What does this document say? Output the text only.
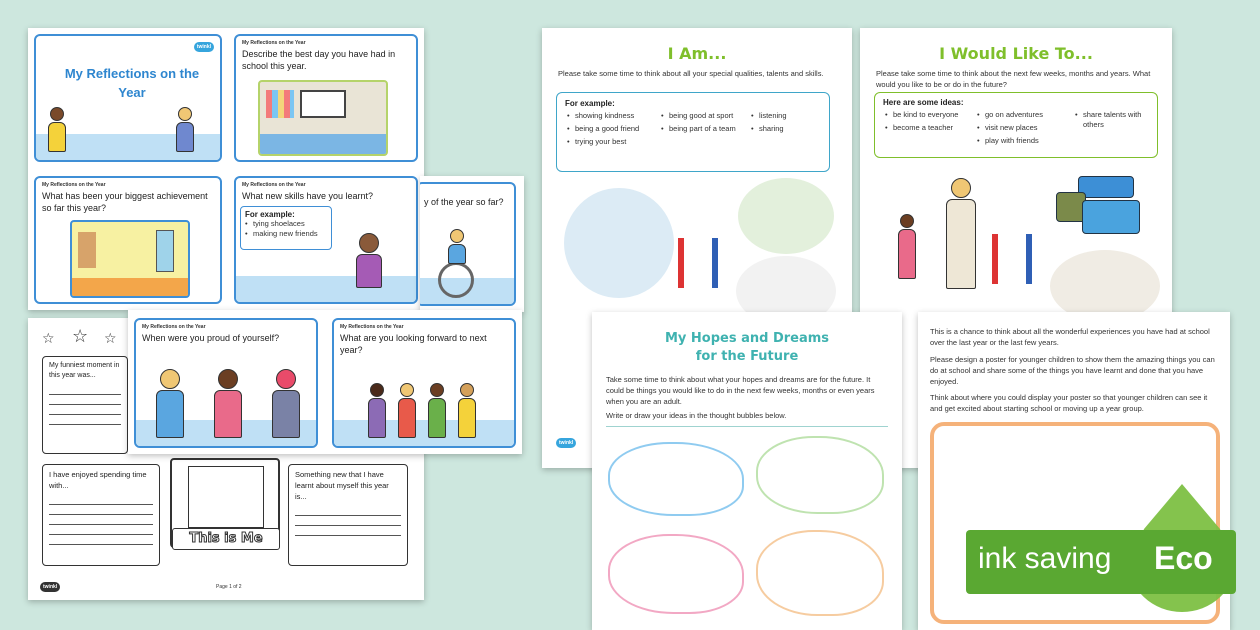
twinkl
My Reflections on the Year
My Reflections on the Year
Describe the best day you have had in school this year.
My Reflections on the Year
What has been your biggest achievement so far this year?
My Reflections on the Year
What new skills have you learnt?
For example:
• tying shoelaces
• making new friends
y of the year so far?
☆ ☆ ☆
My funniest moment in this year was...
I have enjoyed spending time with...
This is Me
Something new that I have learnt about myself this year is...
twinkl	Page 1 of 2
My Reflections on the Year
When were you proud of yourself?
My Reflections on the Year
What are you looking forward to next year?
I Am...
Please take some time to think about all your special qualities, talents and skills.
For example:
• showing kindness
• being a good friend
• trying your best
• being good at sport
• being part of a team
• listening
• sharing
twinkl
I Would Like To...
Please take some time to think about the next few weeks, months and years. What would you like to be or do in the future?
Here are some ideas:
• be kind to everyone
• become a teacher
• go on adventures
• visit new places
• play with friends
• share talents with others
My Hopes and Dreams
for the Future
Take some time to think about what your hopes and dreams are for the future. It could be things you would like to do in the next few weeks, months or even years when you are an adult.
Write or draw your ideas in the thought bubbles below.
This is a chance to think about all the wonderful experiences you have had at school over the last year or the last few years.
Please design a poster for younger children to show them the amazing things you can do at school and share some of the things you have learnt and done that you have enjoyed.
Think about where you could display your poster so that younger children can see it and get excited about starting school or moving up a year group.
ink saving Eco
